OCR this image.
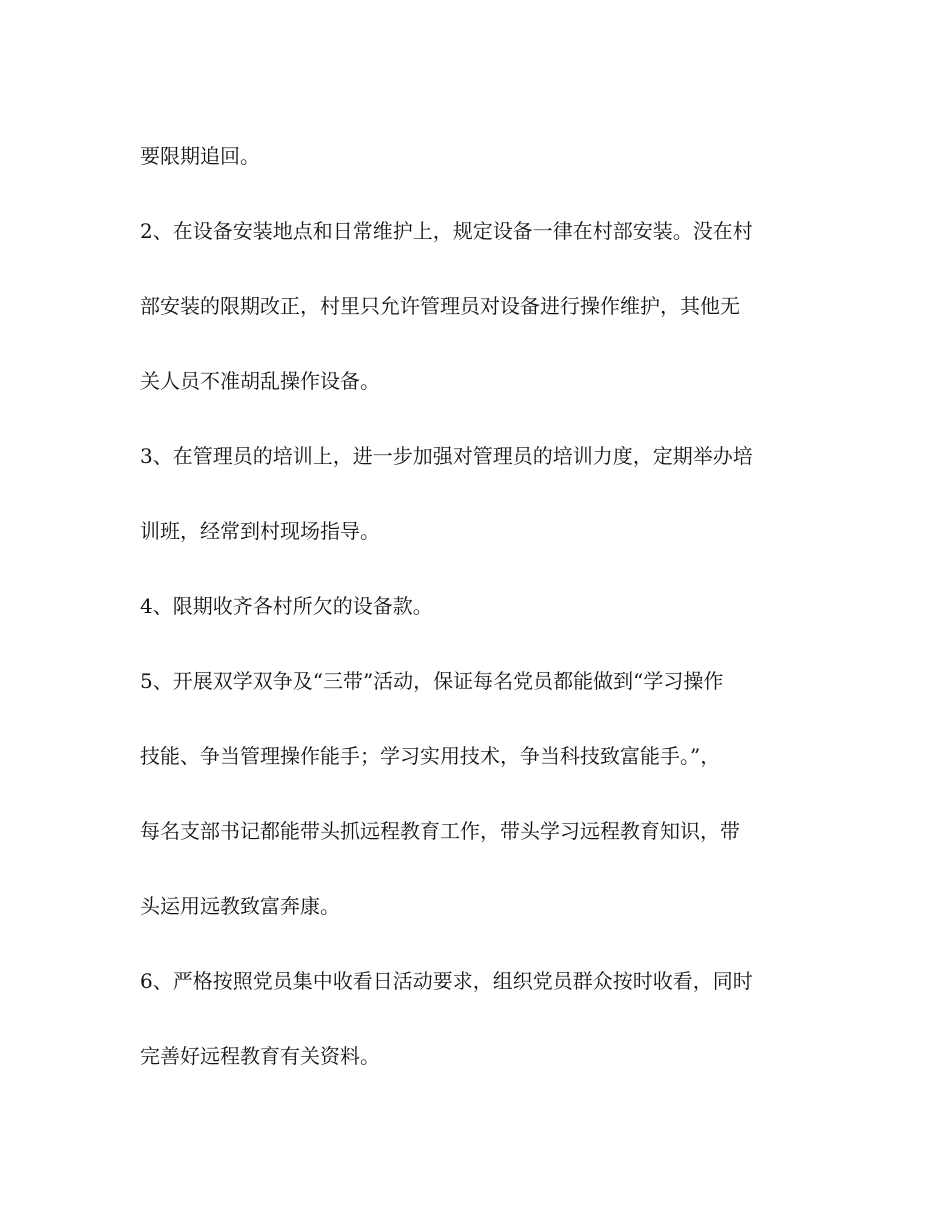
要限期追回。

2、在设备安装地点和日常维护上，规定设备一律在村部安装。没在村

部安装的限期改正，村里只允许管理员对设备进行操作维护，其他无

关人员不准胡乱操作设备。

3、在管理员的培训上，进一步加强对管理员的培训力度，定期举办培

训班，经常到村现场指导。

4、限期收齐各村所欠的设备款。

5、开展双学双争及“三带”活动，保证每名党员都能做到“学习操作

技能、争当管理操作能手；学习实用技术，争当科技致富能手。”，

每名支部书记都能带头抓远程教育工作，带头学习远程教育知识，带

头运用远教致富奔康。

6、严格按照党员集中收看日活动要求，组织党员群众按时收看，同时

完善好远程教育有关资料。
